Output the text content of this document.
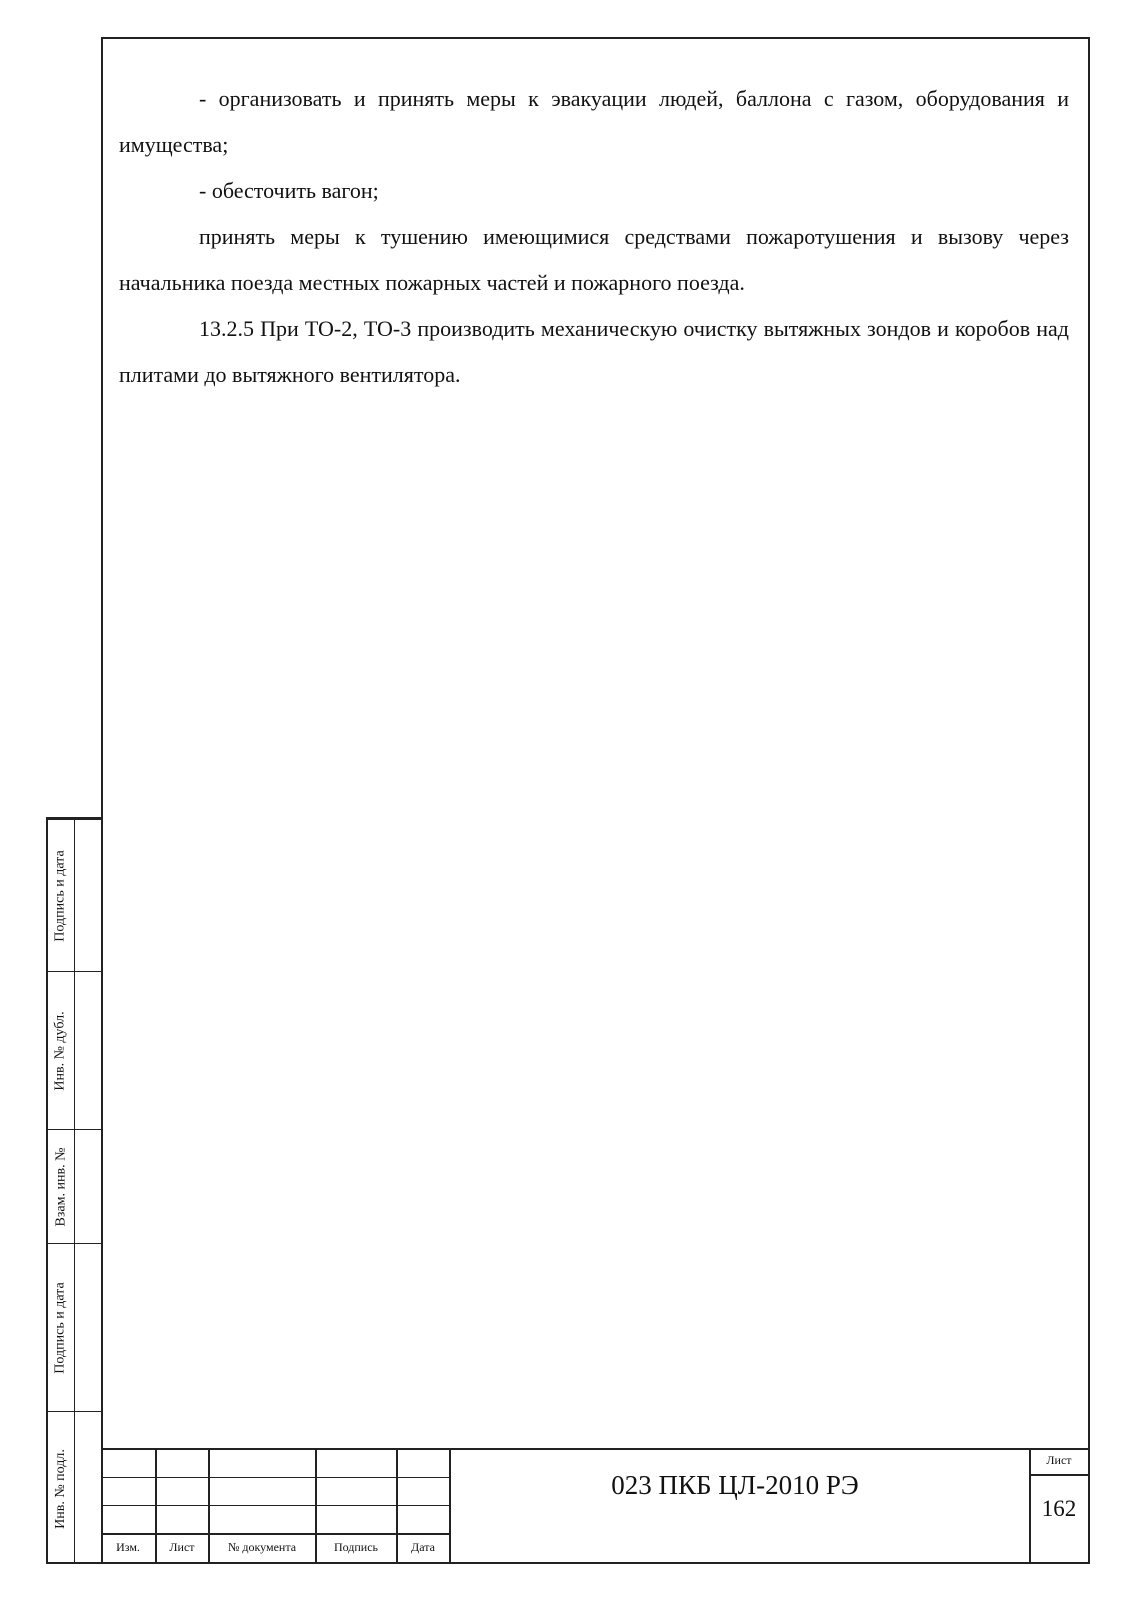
- организовать и принять меры к эвакуации людей, баллона с газом, оборудования и имущества;

- обесточить вагон;

принять меры к тушению имеющимися средствами пожаротушения и вызову через начальника поезда местных пожарных частей и пожарного поезда.

13.2.5 При ТО-2, ТО-3 производить механическую очистку вытяжных зондов и коробов над плитами до вытяжного вентилятора.

Подпись и дата
Инв. № дубл.
Взам. инв. №
Подпись и дата
Инв. № подл.
Изм.	Лист	№ документа	Подпись	Дата
023 ПКБ ЦЛ-2010 РЭ
Лист
162
